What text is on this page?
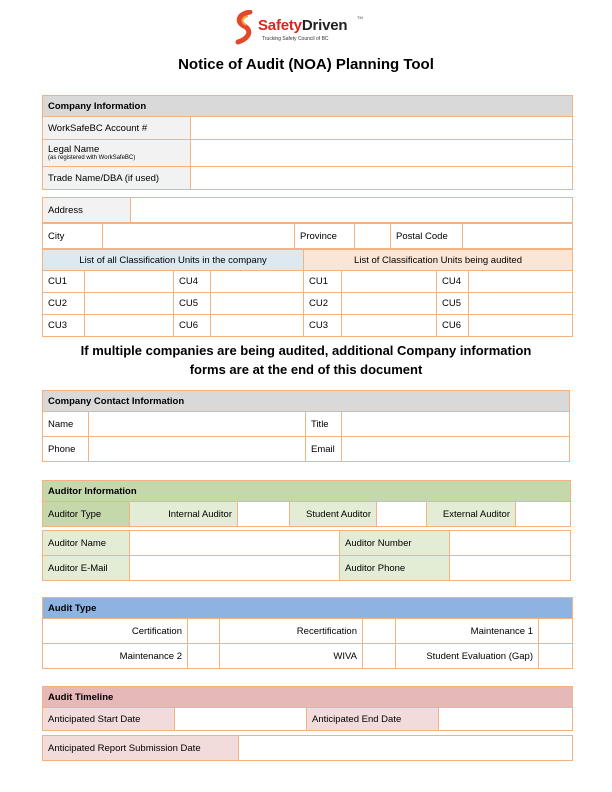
SafetyDriven TM
Trucking Safety Council of BC
Notice of Audit (NOA) Planning Tool
Company Information	
WorkSafeBC Account #	
Legal Name
(as registered with WorkSafeBC)	

Trade Name/DBA (if used)	
Address	
City		Province		Postal Code	
List of all Classification Units in the company				List of Classification Units being audited			
CU1		CU4		CU1		CU4	
CU2		CU5		CU2		CU5	
CU3		CU6		CU3		CU6	
If multiple companies are being audited, additional Company information
forms are at the end of this document
Company Contact Information			
Name		Title	
Phone		Email	
Auditor Information
Auditor Type	Internal Auditor		Student Auditor		External Auditor	
Auditor Name		Auditor Number	
Auditor E-Mail		Auditor Phone	
Audit Type					
Certification		Recertification		Maintenance 1	
Maintenance 2		WIVA		Student Evaluation (Gap)	
Audit Timeline
Anticipated Start Date		Anticipated End Date	
Anticipated Report Submission Date	
